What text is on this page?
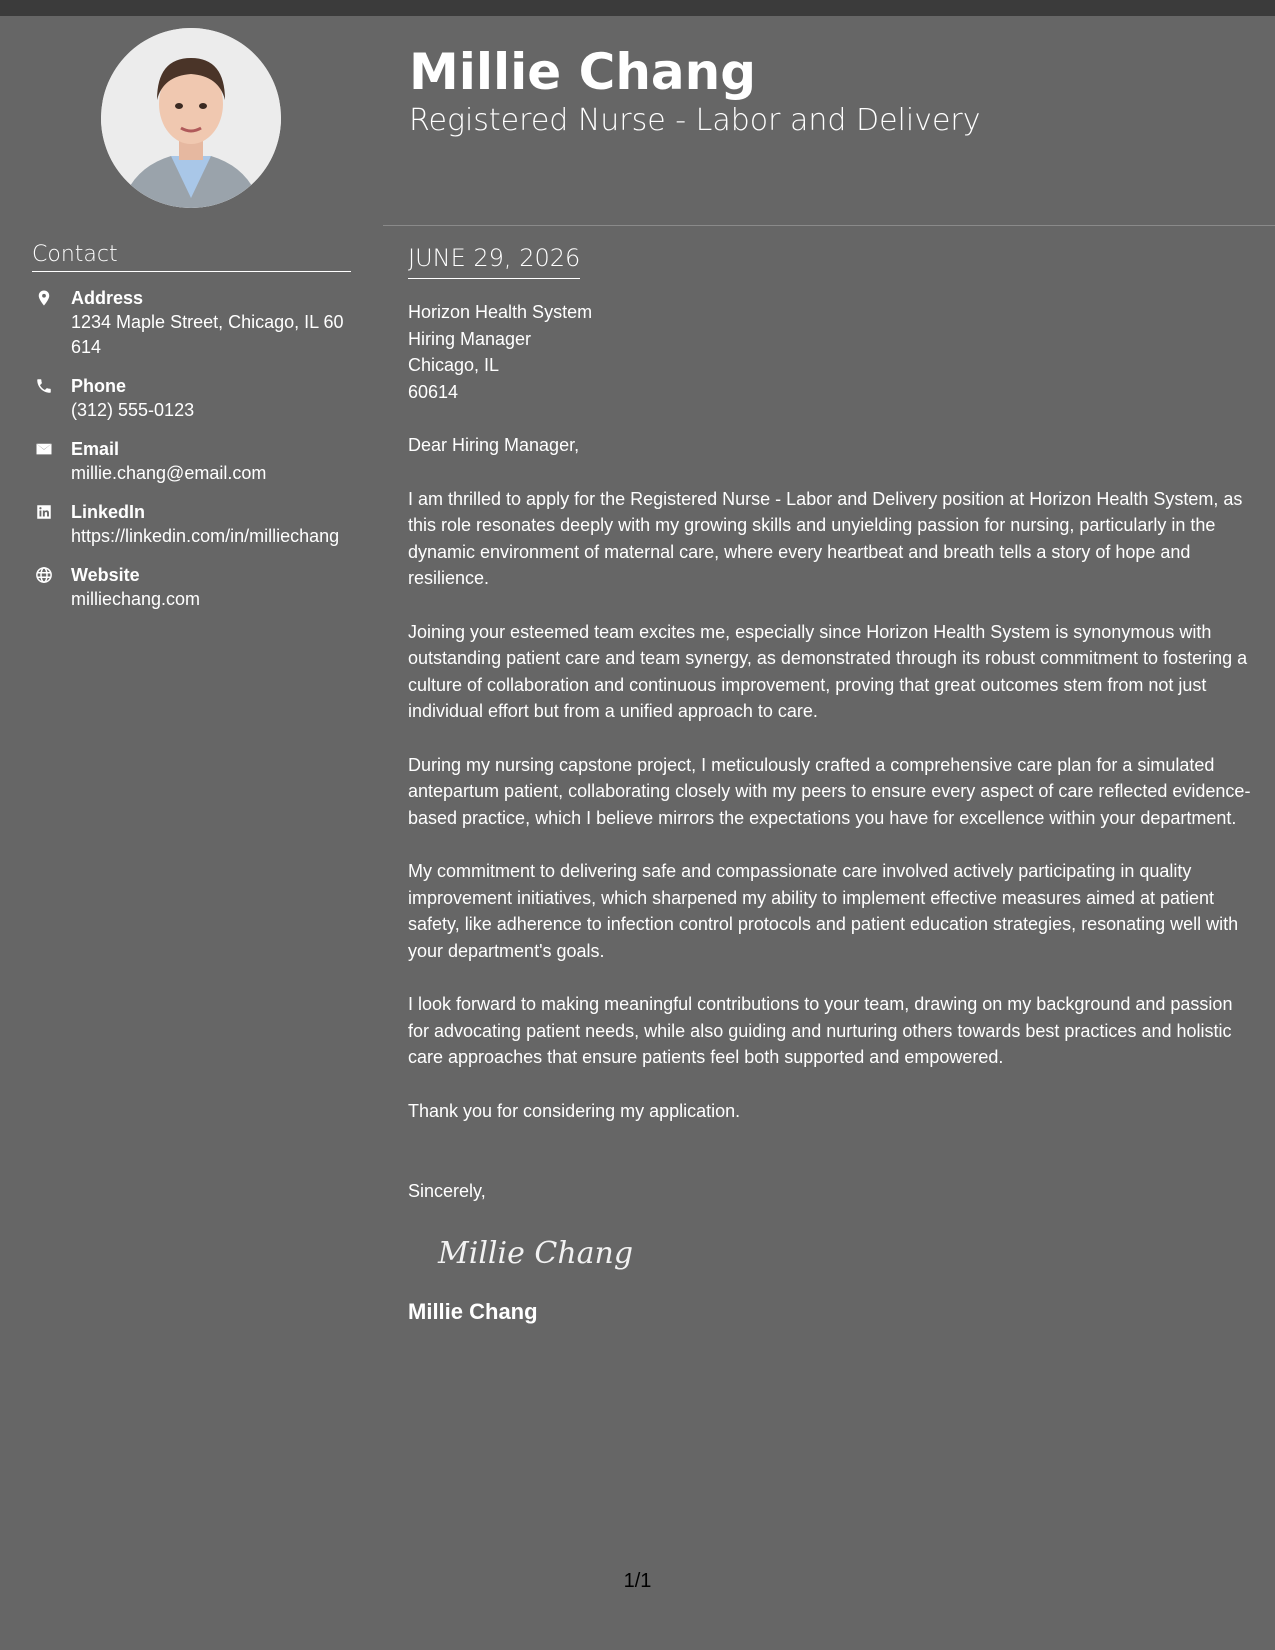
Contact
Address
1234 Maple Street, Chicago, IL 60614
Phone
(312) 555-0123
Email
millie.chang@email.com
LinkedIn
https://linkedin.com/in/milliechang
Website
milliechang.com
Millie Chang
Registered Nurse - Labor and Delivery
JUNE 29, 2026
Horizon Health System
Hiring Manager
Chicago, IL
60614

Dear Hiring Manager,

I am thrilled to apply for the Registered Nurse - Labor and Delivery position at Horizon Health System, as this role resonates deeply with my growing skills and unyielding passion for nursing, particularly in the dynamic environment of maternal care, where every heartbeat and breath tells a story of hope and resilience.

Joining your esteemed team excites me, especially since Horizon Health System is synonymous with outstanding patient care and team synergy, as demonstrated through its robust commitment to fostering a culture of collaboration and continuous improvement, proving that great outcomes stem from not just individual effort but from a unified approach to care.

During my nursing capstone project, I meticulously crafted a comprehensive care plan for a simulated antepartum patient, collaborating closely with my peers to ensure every aspect of care reflected evidence-based practice, which I believe mirrors the expectations you have for excellence within your department.

My commitment to delivering safe and compassionate care involved actively participating in quality improvement initiatives, which sharpened my ability to implement effective measures aimed at patient safety, like adherence to infection control protocols and patient education strategies, resonating well with your department's goals.

I look forward to making meaningful contributions to your team, drawing on my background and passion for advocating patient needs, while also guiding and nurturing others towards best practices and holistic care approaches that ensure patients feel both supported and empowered.

Thank you for considering my application.

Sincerely,

Millie Chang
Millie Chang
1/1
